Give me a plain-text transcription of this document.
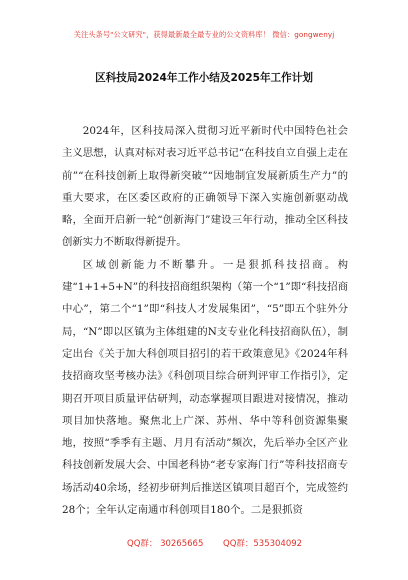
关注头条号"公文研究"，获得最新最全最专业的公文资料库！ 微信：gongwenyj
区科技局2024年工作小结及2025年工作计划

2024年，区科技局深入贯彻习近平新时代中国特色社会主义思想，认真对标对表习近平总书记“在科技自立自强上走在前”“在科技创新上取得新突破”“因地制宜发展新质生产力”的重大要求，在区委区政府的正确领导下深入实施创新驱动战略，全面开启新一轮“创新海门”建设三年行动，推动全区科技创新实力不断取得新提升。

区域创新能力不断攀升。一是狠抓科技招商。构建“1+1+5+N”的科技招商组织架构（第一个“1”即“科技招商中心”，第二个“1”即“科技人才发展集团”，“5”即五个驻外分局，“N”即以区镇为主体组建的N支专业化科技招商队伍），制定出台《关于加大科创项目招引的若干政策意见》《2024年科技招商攻坚考核办法》《科创项目综合研判评审工作指引》，定期召开项目质量评估研判，动态掌握项目跟进对接情况，推动项目加快落地。聚焦北上广深、苏州、华中等科创资源集聚地，按照“季季有主题、月月有活动”频次，先后举办全区产业科技创新发展大会、中国老科协“老专家海门行”等科技招商专场活动40余场，经初步研判后推送区镇项目超百个，完成签约28个；全年认定南通市科创项目180个。二是狠抓资

QQ群： 30265665 QQ群：535304092
